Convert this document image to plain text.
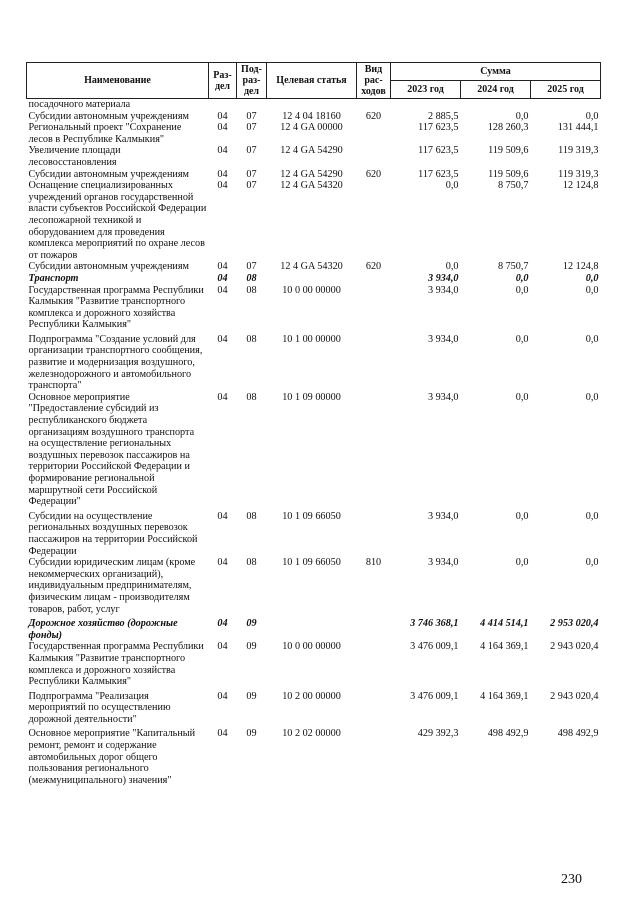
Наименование	Раз-дел	Под-раз-дел	Целевая статья	Вид рас-ходов	Сумма		
					2023 год	2024 год	2025 год
посадочного материала							
Субсидии автономным учреждениям	04	07	12 4 04 18160	620	2 885,5	0,0	0,0
Региональный проект "Сохранение лесов в Республике Калмыкия"	04	07	12 4 GA 00000		117 623,5	128 260,3	131 444,1
Увеличение площади лесовосстановления	04	07	12 4 GA 54290		117 623,5	119 509,6	119 319,3
Субсидии автономным учреждениям	04	07	12 4 GA 54290	620	117 623,5	119 509,6	119 319,3
Оснащение специализированных учреждений органов государственной власти субъектов Российской Федерации лесопожарной техникой и оборудованием для проведения комплекса мероприятий по охране лесов от пожаров	04	07	12 4 GA 54320		0,0	8 750,7	12 124,8
Субсидии автономным учреждениям	04	07	12 4 GA 54320	620	0,0	8 750,7	12 124,8
Транспорт	04	08			3 934,0	0,0	0,0
Государственная программа Республики Калмыкия "Развитие транспортного комплекса и дорожного хозяйства Республики Калмыкия"	04	08	10 0 00 00000		3 934,0	0,0	0,0
Подпрограмма "Создание условий для организации транспортного сообщения, развитие и модернизация воздушного, железнодорожного и автомобильного транспорта"	04	08	10 1 00 00000		3 934,0	0,0	0,0
Основное мероприятие "Предоставление субсидий из республиканского бюджета организациям воздушного транспорта на осуществление региональных воздушных перевозок пассажиров на территории Российской Федерации и формирование региональной маршрутной сети Российской Федерации"	04	08	10 1 09 00000		3 934,0	0,0	0,0
Субсидии на осуществление региональных воздушных перевозок пассажиров на территории Российской Федерации	04	08	10 1 09 66050		3 934,0	0,0	0,0
Субсидии юридическим лицам (кроме некоммерческих организаций), индивидуальным предпринимателям, физическим лицам - производителям товаров, работ, услуг	04	08	10 1 09 66050	810	3 934,0	0,0	0,0
Дорожное хозяйство (дорожные фонды)	04	09			3 746 368,1	4 414 514,1	2 953 020,4
Государственная программа Республики Калмыкия "Развитие транспортного комплекса и дорожного хозяйства Республики Калмыкия"	04	09	10 0 00 00000		3 476 009,1	4 164 369,1	2 943 020,4
Подпрограмма "Реализация мероприятий по осуществлению дорожной деятельности"	04	09	10 2 00 00000		3 476 009,1	4 164 369,1	2 943 020,4
Основное мероприятие "Капитальный ремонт, ремонт и содержание автомобильных дорог общего пользования регионального (межмуниципального) значения"	04	09	10 2 02 00000		429 392,3	498 492,9	498 492,9
230
